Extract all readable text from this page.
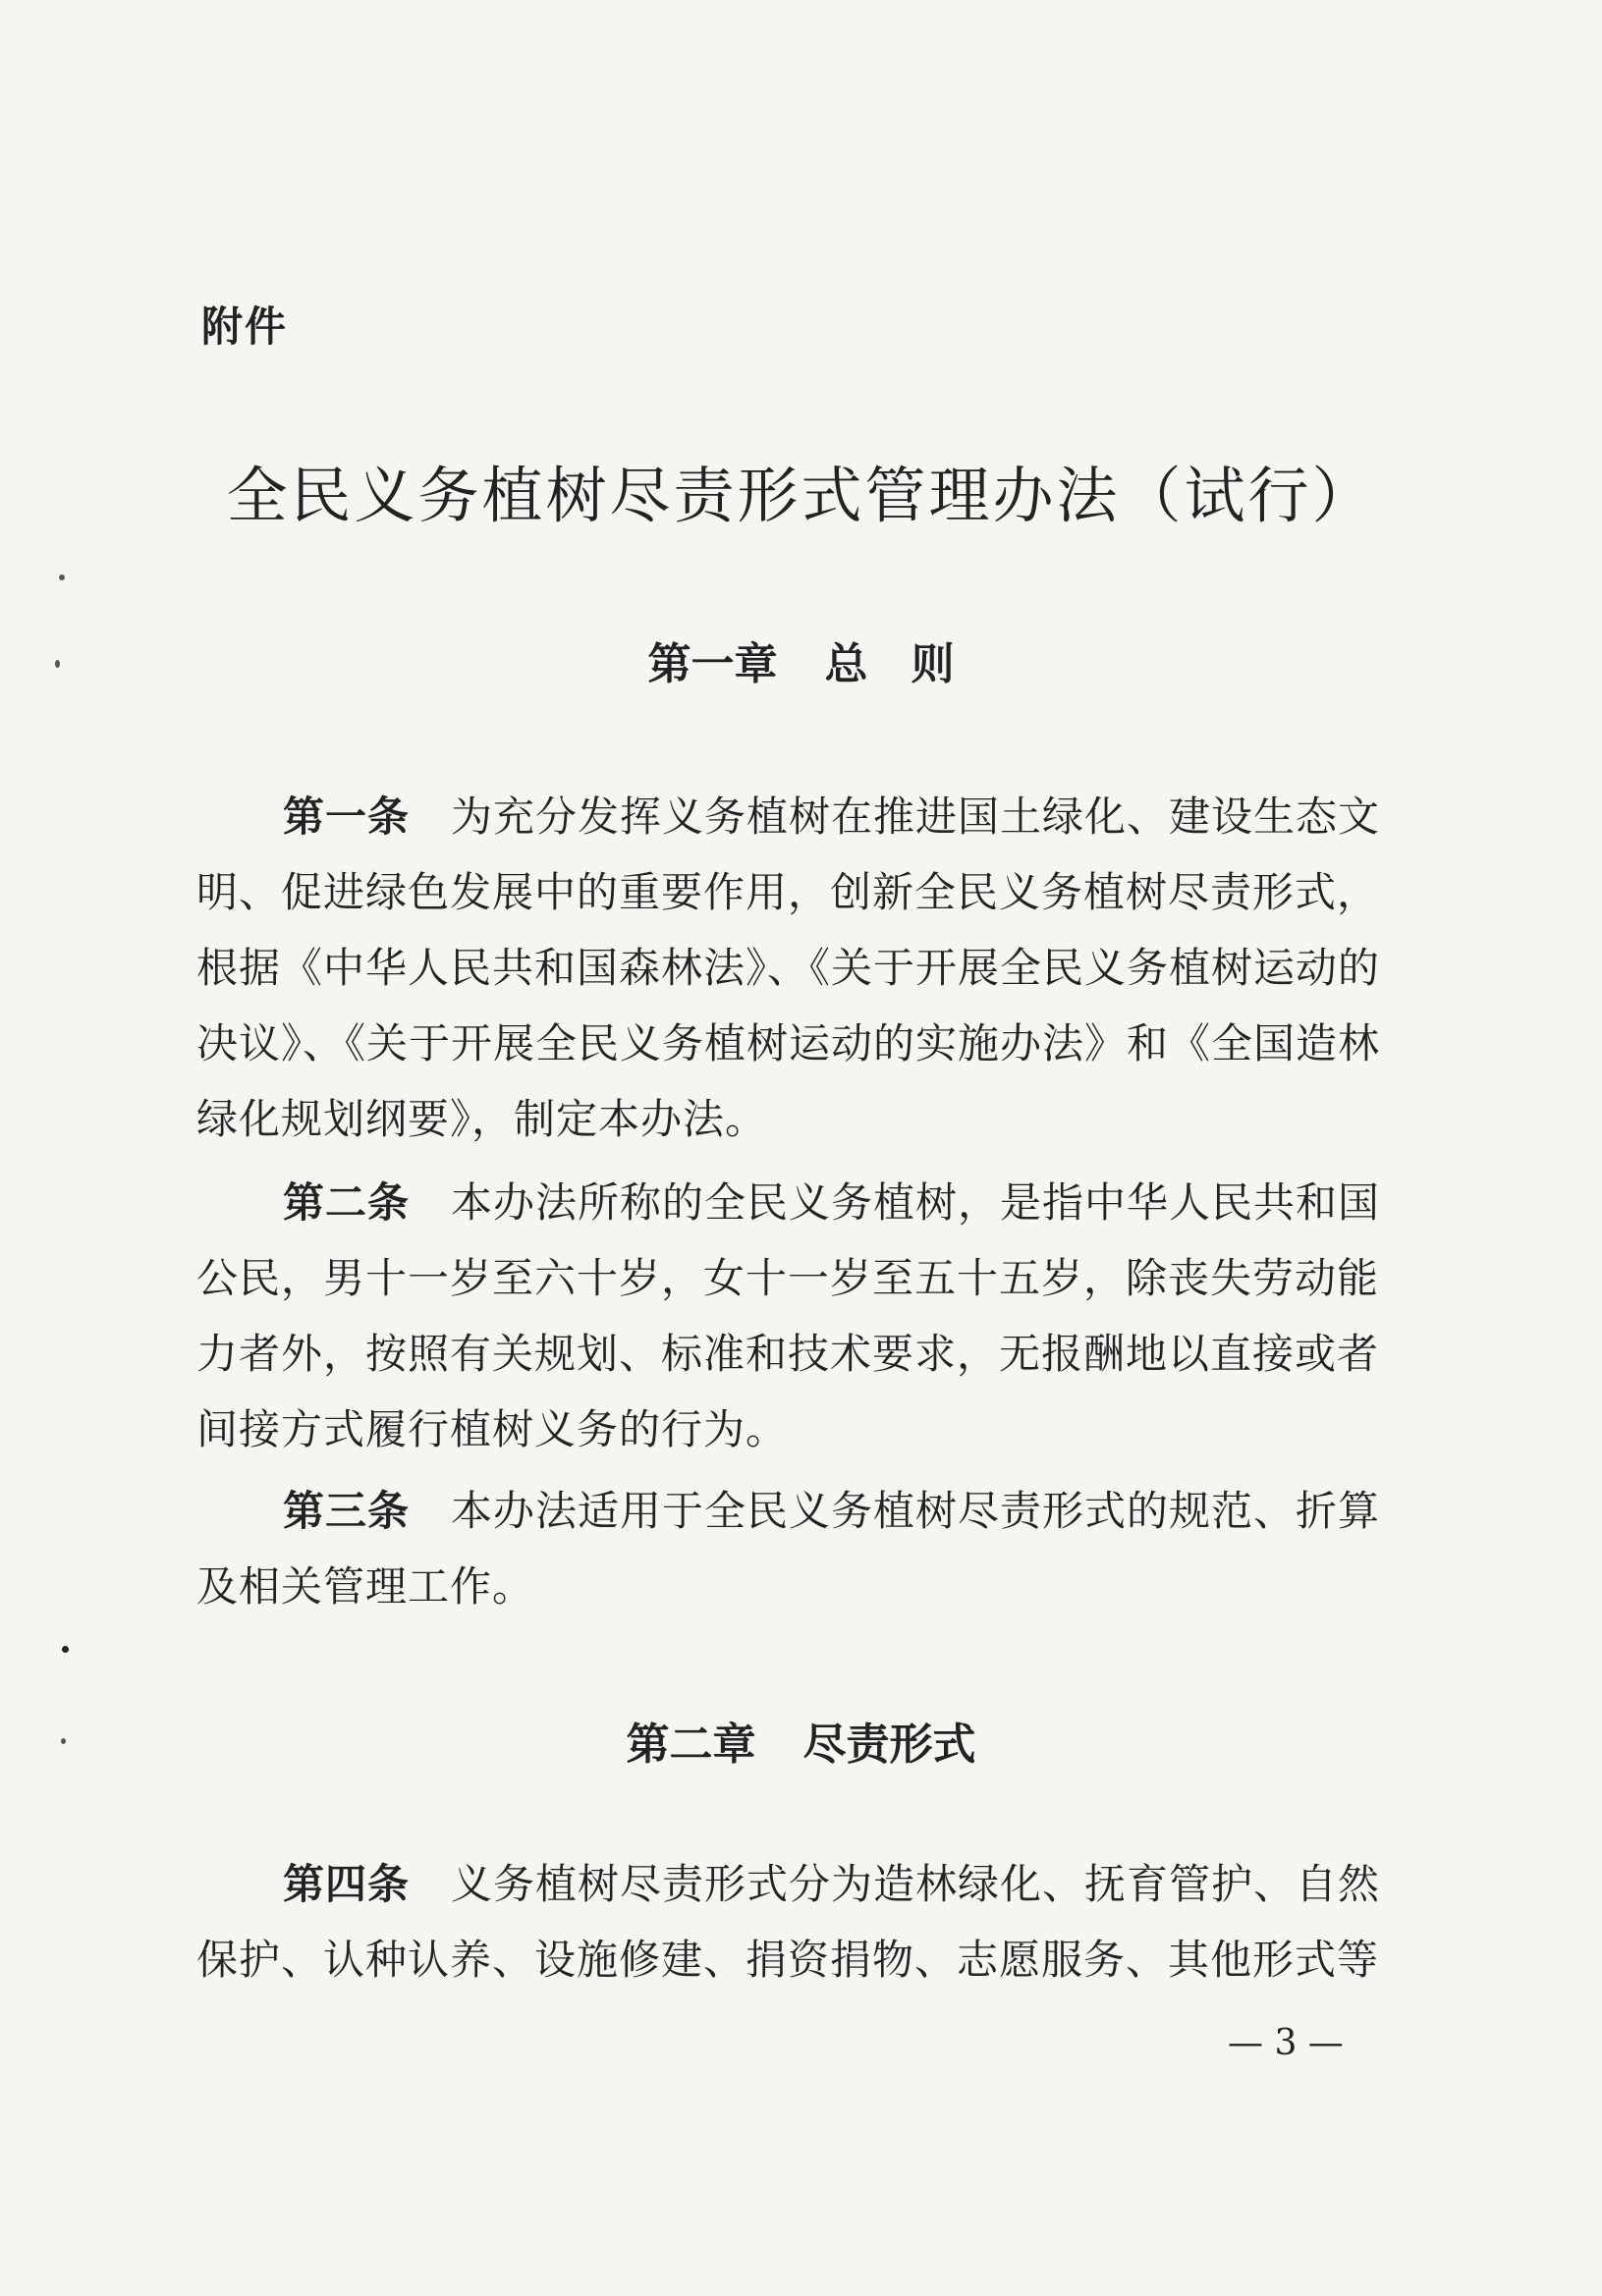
附件
全民义务植树尽责形式管理办法（试行）
第一章 总　则
第一条 为充分发挥义务植树在推进国土绿化、建设生态文
明、促进绿色发展中的重要作用，创新全民义务植树尽责形式，
根据《中华人民共和国森林法》、《关于开展全民义务植树运动的
决议》、《关于开展全民义务植树运动的实施办法》和《全国造林
绿化规划纲要》，制定本办法。
第二条 本办法所称的全民义务植树，是指中华人民共和国
公民，男十一岁至六十岁，女十一岁至五十五岁，除丧失劳动能
力者外，按照有关规划、标准和技术要求，无报酬地以直接或者
间接方式履行植树义务的行为。
第三条 本办法适用于全民义务植树尽责形式的规范、折算
及相关管理工作。
第二章 尽责形式
第四条 义务植树尽责形式分为造林绿化、抚育管护、自然
保护、认种认养、设施修建、捐资捐物、志愿服务、其他形式等
— 3 —
